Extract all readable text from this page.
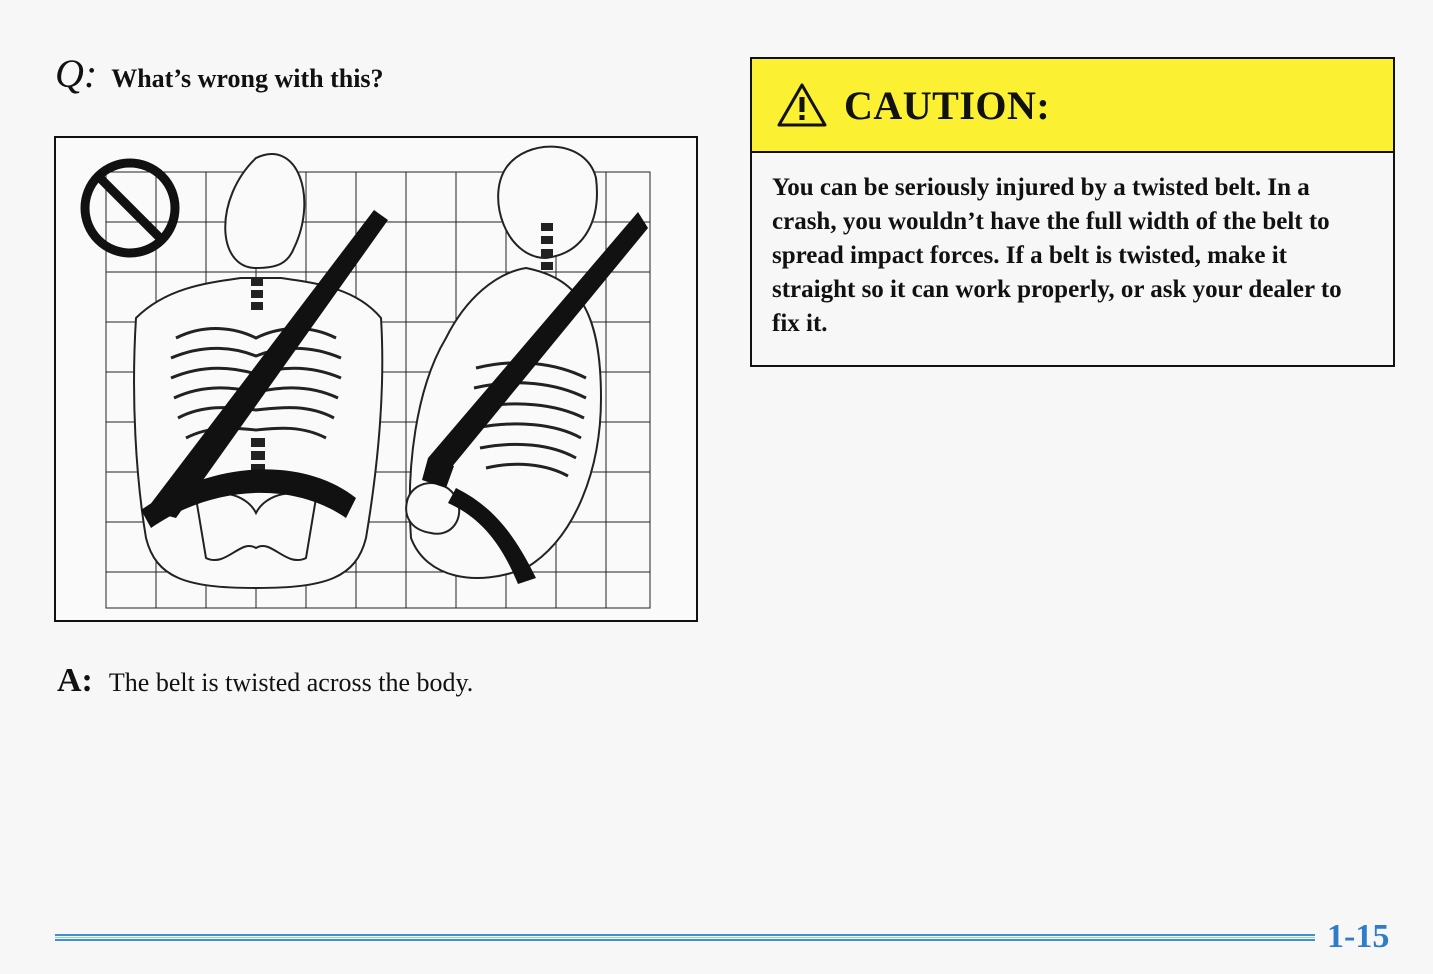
Q: What’s wrong with this?
A: The belt is twisted across the body.
CAUTION:
You can be seriously injured by a twisted belt. In a crash, you wouldn’t have the full width of the belt to spread impact forces. If a belt is twisted, make it straight so it can work properly, or ask your dealer to fix it.
1-15
